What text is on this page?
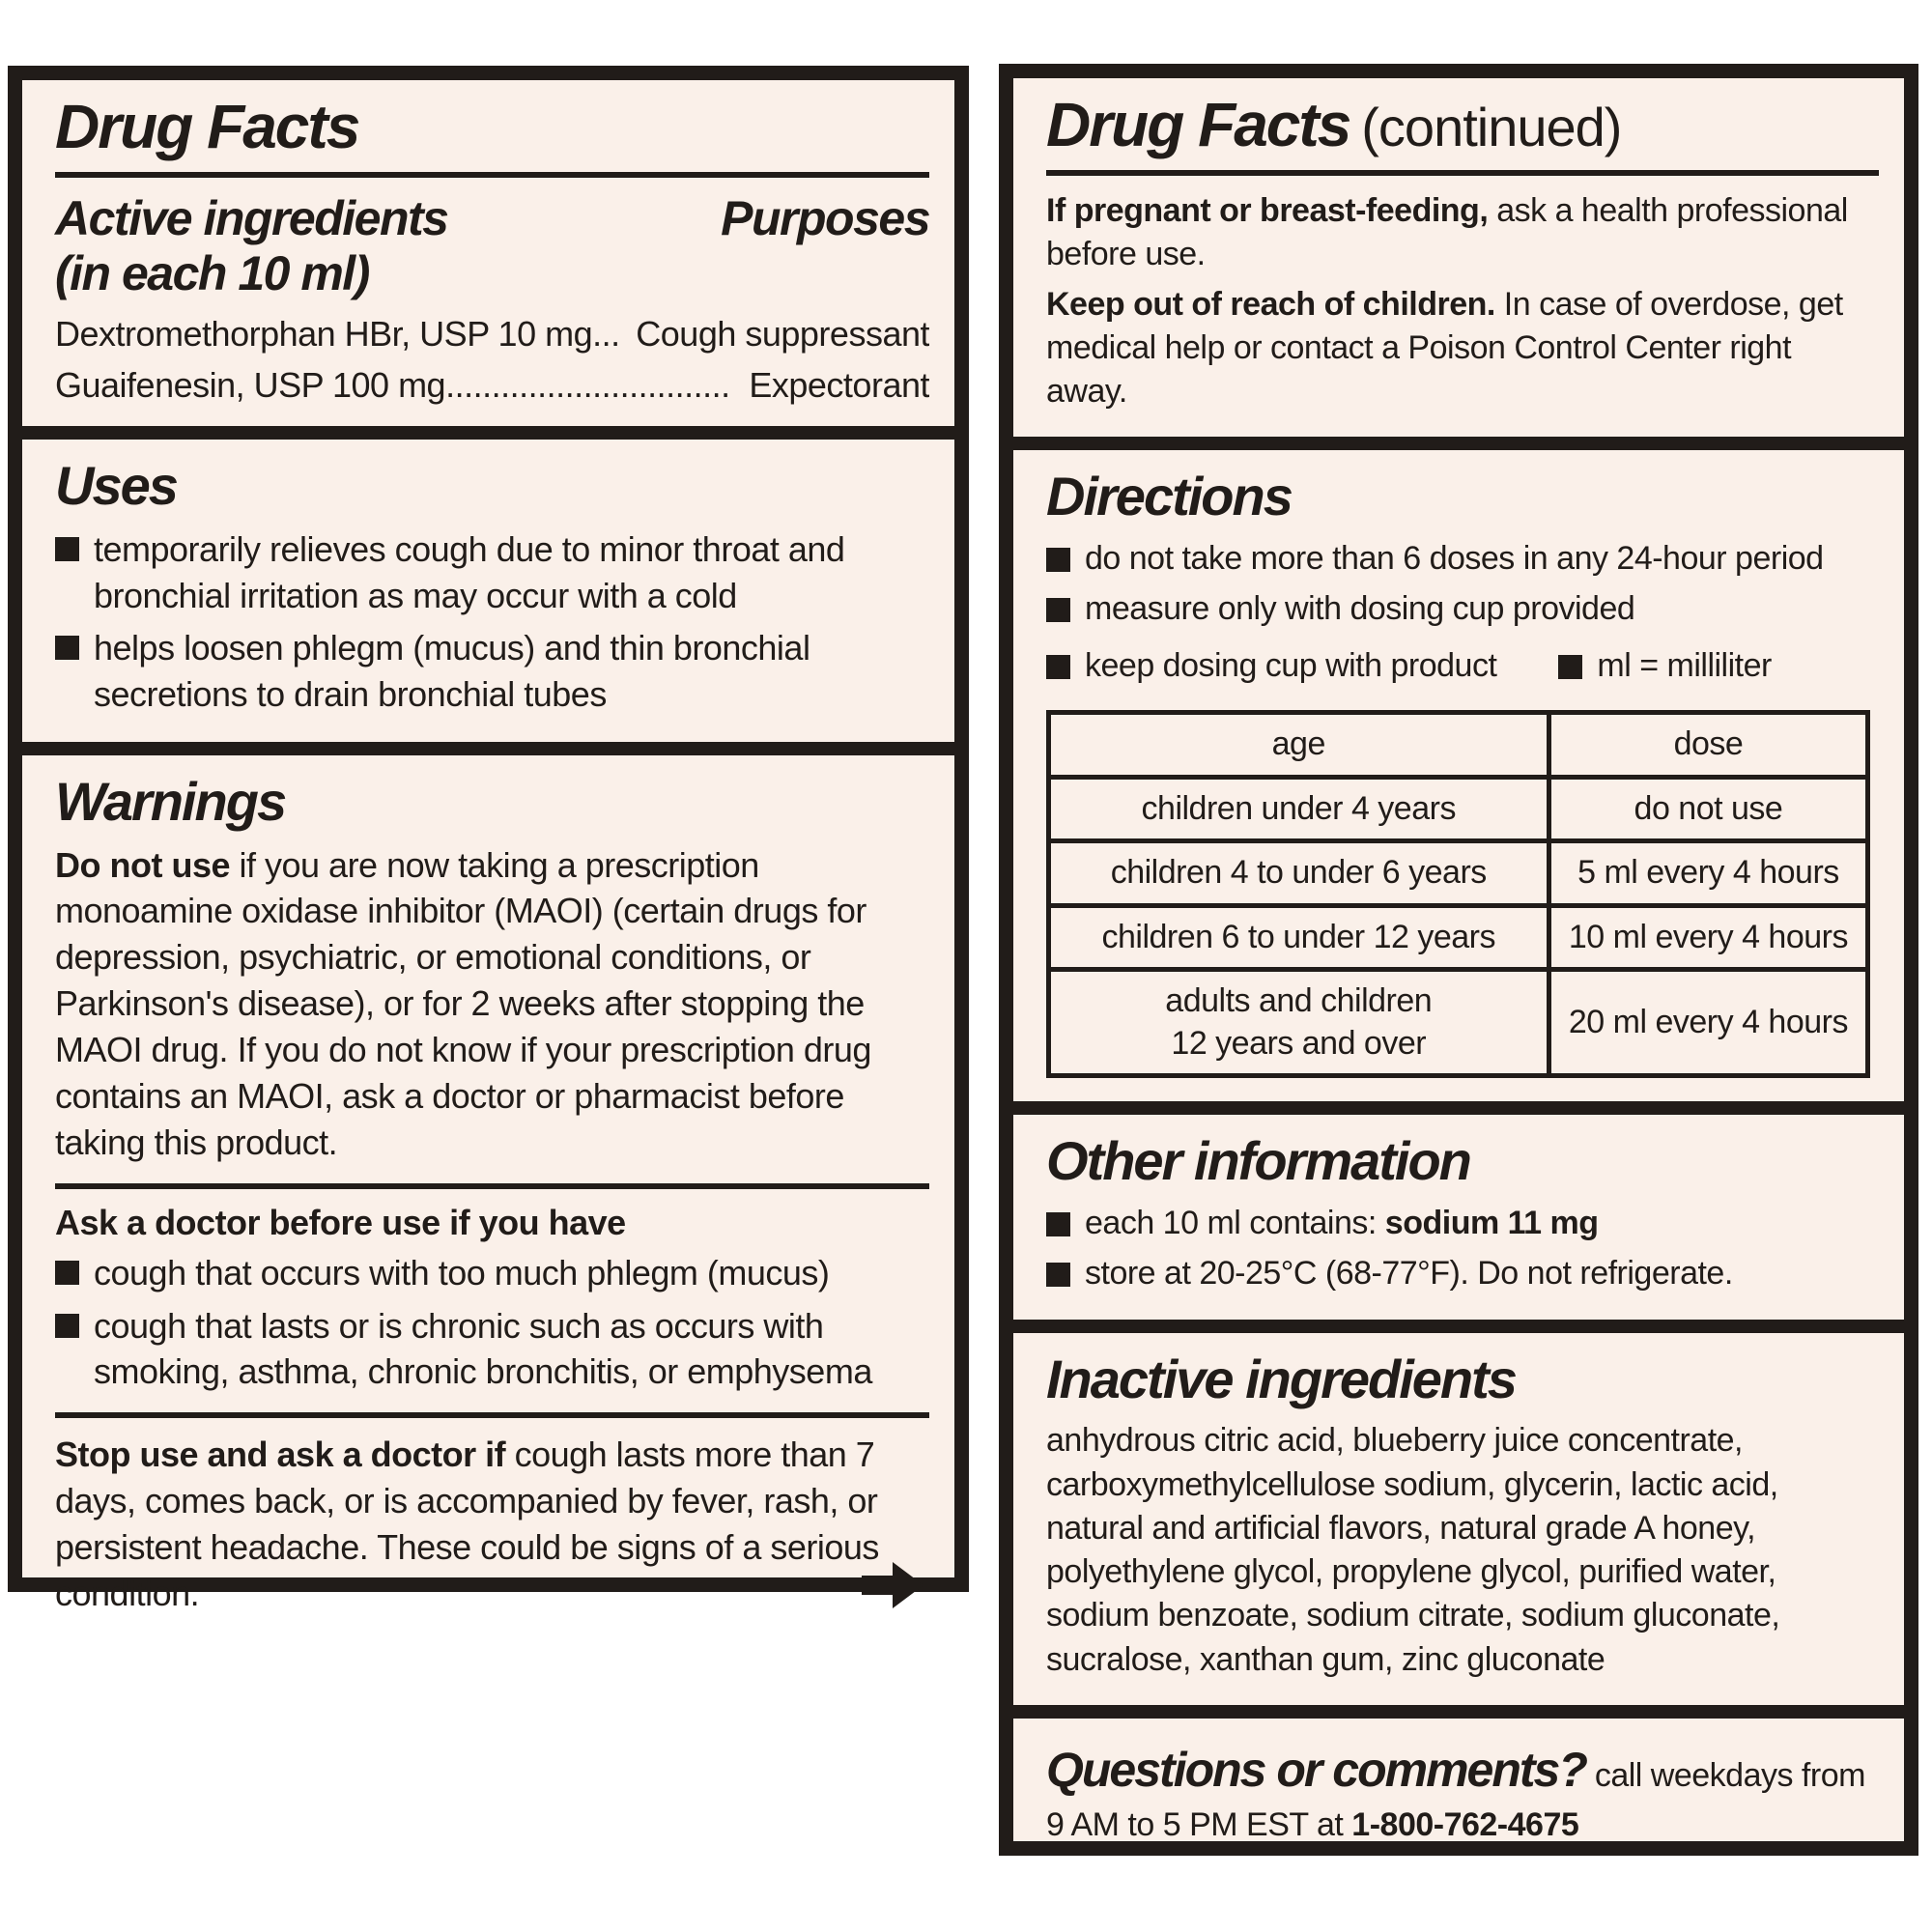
Drug Facts
Active ingredients
(in each 10 ml)
Purposes
Dextromethorphan HBr, USP 10 mg ... Cough suppressant
Guaifenesin, USP 100 mg ............................... Expectorant
Uses
temporarily relieves cough due to minor throat and bronchial irritation as may occur with a cold
helps loosen phlegm (mucus) and thin bronchial secretions to drain bronchial tubes
Warnings

Do not use if you are now taking a prescription monoamine oxidase inhibitor (MAOI) (certain drugs for depression, psychiatric, or emotional conditions, or Parkinson's disease), or for 2 weeks after stopping the MAOI drug. If you do not know if your prescription drug contains an MAOI, ask a doctor or pharmacist before taking this product.

Ask a doctor before use if you have

cough that occurs with too much phlegm (mucus)
cough that lasts or is chronic such as occurs with smoking, asthma, chronic bronchitis, or emphysema

Stop use and ask a doctor if cough lasts more than 7 days, comes back, or is accompanied by fever, rash, or persistent headache. These could be signs of a serious condition.

Drug Facts (continued)

If pregnant or breast-feeding, ask a health professional before use.

Keep out of reach of children. In case of overdose, get medical help or contact a Poison Control Center right away.

Directions
do not take more than 6 doses in any 24-hour period
measure only with dosing cup provided
keep dosing cup with product	ml = milliliter
age	dose
children under 4 years	do not use
children 4 to under 6 years	5 ml every 4 hours
children 6 to under 12 years	10 ml every 4 hours

adults and children
12 years and over	20 ml every 4 hours
Other information
each 10 ml contains: sodium 11 mg
store at 20-25°C (68-77°F). Do not refrigerate.
Inactive ingredients

anhydrous citric acid, blueberry juice concentrate, carboxymethylcellulose sodium, glycerin, lactic acid, natural and artificial flavors, natural grade A honey, polyethylene glycol, propylene glycol, purified water, sodium benzoate, sodium citrate, sodium gluconate, sucralose, xanthan gum, zinc gluconate

Questions or comments? call weekdays from
9 AM to 5 PM EST at 1-800-762-4675
